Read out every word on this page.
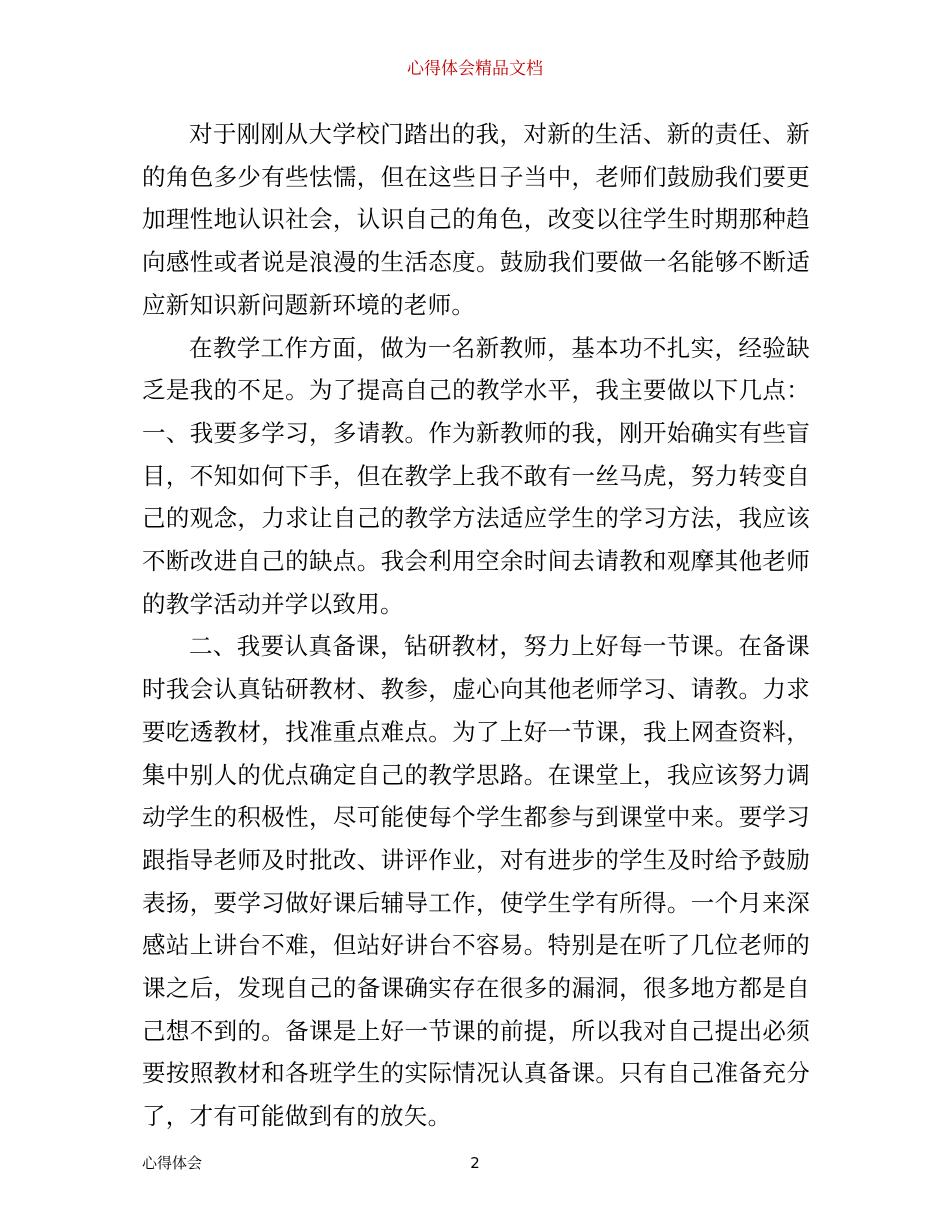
心得体会精品文档

对于刚刚从大学校门踏出的我，对新的生活、新的责任、新的角色多少有些怯懦，但在这些日子当中，老师们鼓励我们要更加理性地认识社会，认识自己的角色，改变以往学生时期那种趋向感性或者说是浪漫的生活态度。鼓励我们要做一名能够不断适应新知识新问题新环境的老师。

在教学工作方面，做为一名新教师，基本功不扎实，经验缺乏是我的不足。为了提高自己的教学水平，我主要做以下几点：一、我要多学习，多请教。作为新教师的我，刚开始确实有些盲目，不知如何下手，但在教学上我不敢有一丝马虎，努力转变自己的观念，力求让自己的教学方法适应学生的学习方法，我应该不断改进自己的缺点。我会利用空余时间去请教和观摩其他老师的教学活动并学以致用。

二、我要认真备课，钻研教材，努力上好每一节课。在备课时我会认真钻研教材、教参，虚心向其他老师学习、请教。力求要吃透教材，找准重点难点。为了上好一节课，我上网查资料，集中别人的优点确定自己的教学思路。在课堂上，我应该努力调动学生的积极性，尽可能使每个学生都参与到课堂中来。要学习跟指导老师及时批改、讲评作业，对有进步的学生及时给予鼓励表扬，要学习做好课后辅导工作，使学生学有所得。一个月来深感站上讲台不难，但站好讲台不容易。特别是在听了几位老师的课之后，发现自己的备课确实存在很多的漏洞，很多地方都是自己想不到的。备课是上好一节课的前提，所以我对自己提出必须要按照教材和各班学生的实际情况认真备课。只有自己准备充分了，才有可能做到有的放矢。

心得体会	2
